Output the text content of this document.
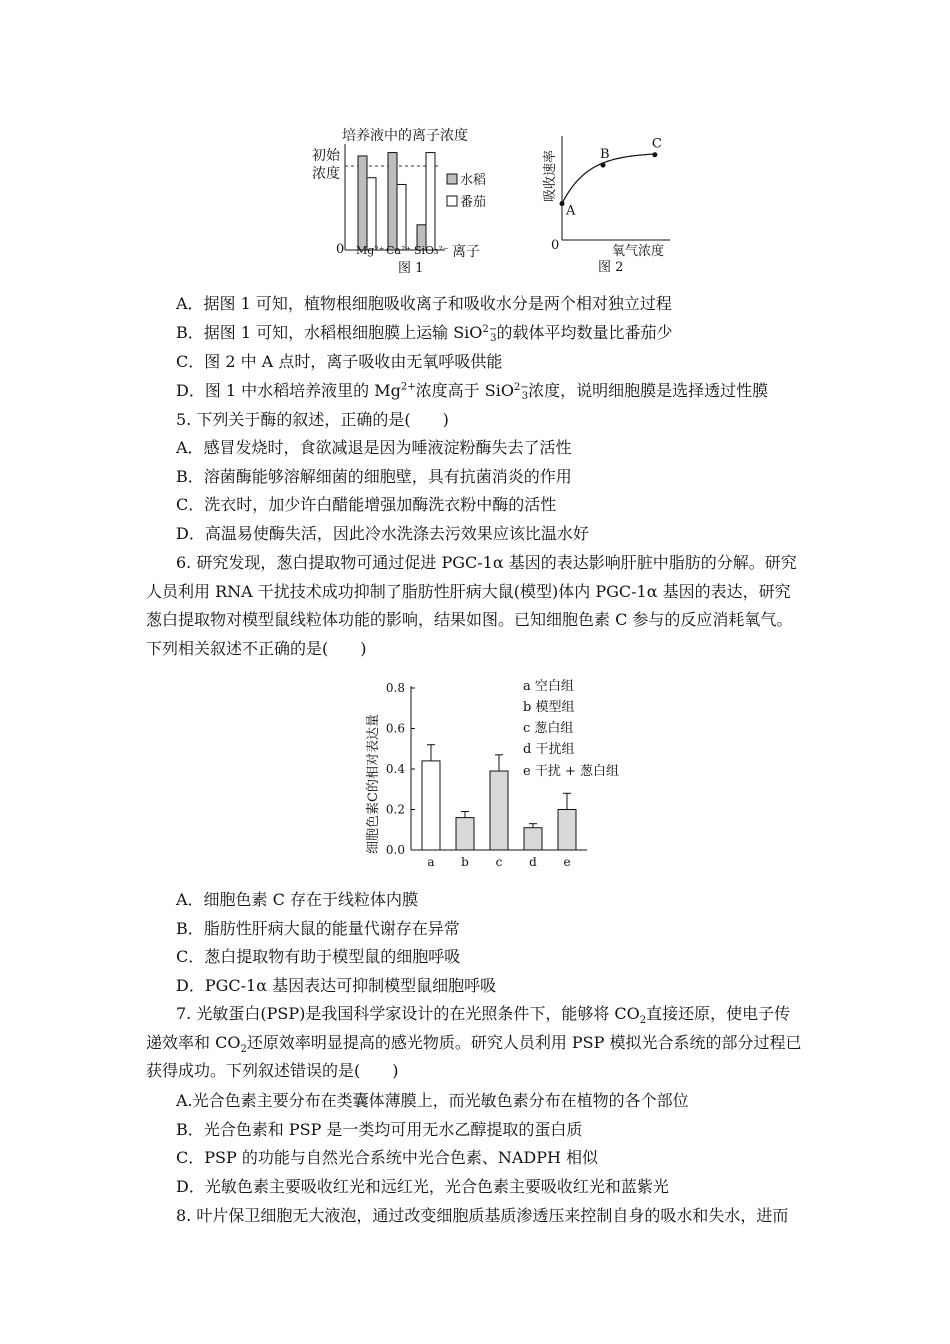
培养液中的离子浓度
初始
浓度
0 Mg²⁺ Ca²⁺ SiO₃²⁻ 离子
图 1
水稻
番茄
吸收速率
0	氧气浓度
图 2
A
B
C
A．据图 1 可知，植物根细胞吸收离子和吸收水分是两个相对独立过程
B．据图 1 可知，水稻根细胞膜上运输 SiO$^{2-}$3的载体平均数量比番茄少
C．图 2 中 A 点时，离子吸收由无氧呼吸供能
D．图 1 中水稻培养液里的 $Mg^{2+}$浓度高于 SiO$^{2-}$3浓度，说明细胞膜是选择透过性膜
5. 下列关于酶的叙述，正确的是(　　)
A．感冒发烧时，食欲减退是因为唾液淀粉酶失去了活性
B．溶菌酶能够溶解细菌的细胞壁，具有抗菌消炎的作用
C．洗衣时，加少许白醋能增强加酶洗衣粉中酶的活性
D．高温易使酶失活，因此冷水洗涤去污效果应该比温水好
6. 研究发现，葱白提取物可通过促进 PGC-1α 基因的表达影响肝脏中脂肪的分解。研究人员利用 RNA 干扰技术成功抑制了脂肪性肝病大鼠(模型)体内 PGC-1α 基因的表达，研究葱白提取物对模型鼠线粒体功能的影响，结果如图。已知细胞色素 C 参与的反应消耗氧气。下列相关叙述不正确的是(　　)
细胞色素C的相对表达量 0.0
0.2
0.4
0.6
0.8
a b c d e
a 空白组
b 模型组
c 葱白组
d 干扰组
e 干扰 + 葱白组
A．细胞色素 C 存在于线粒体内膜
B．脂肪性肝病大鼠的能量代谢存在异常
C．葱白提取物有助于模型鼠的细胞呼吸
D．PGC-1α 基因表达可抑制模型鼠细胞呼吸
7. 光敏蛋白(PSP)是我国科学家设计的在光照条件下，能够将 $CO_2$直接还原，使电子传递效率和 $CO_2$还原效率明显提高的感光物质。研究人员利用 PSP 模拟光合系统的部分过程已获得成功。下列叙述错误的是(　　)
A.光合色素主要分布在类囊体薄膜上，而光敏色素分布在植物的各个部位
B．光合色素和 PSP 是一类均可用无水乙醇提取的蛋白质
C．PSP 的功能与自然光合系统中光合色素、NADPH 相似
D．光敏色素主要吸收红光和远红光，光合色素主要吸收红光和蓝紫光
8. 叶片保卫细胞无大液泡，通过改变细胞质基质渗透压来控制自身的吸水和失水，进而
